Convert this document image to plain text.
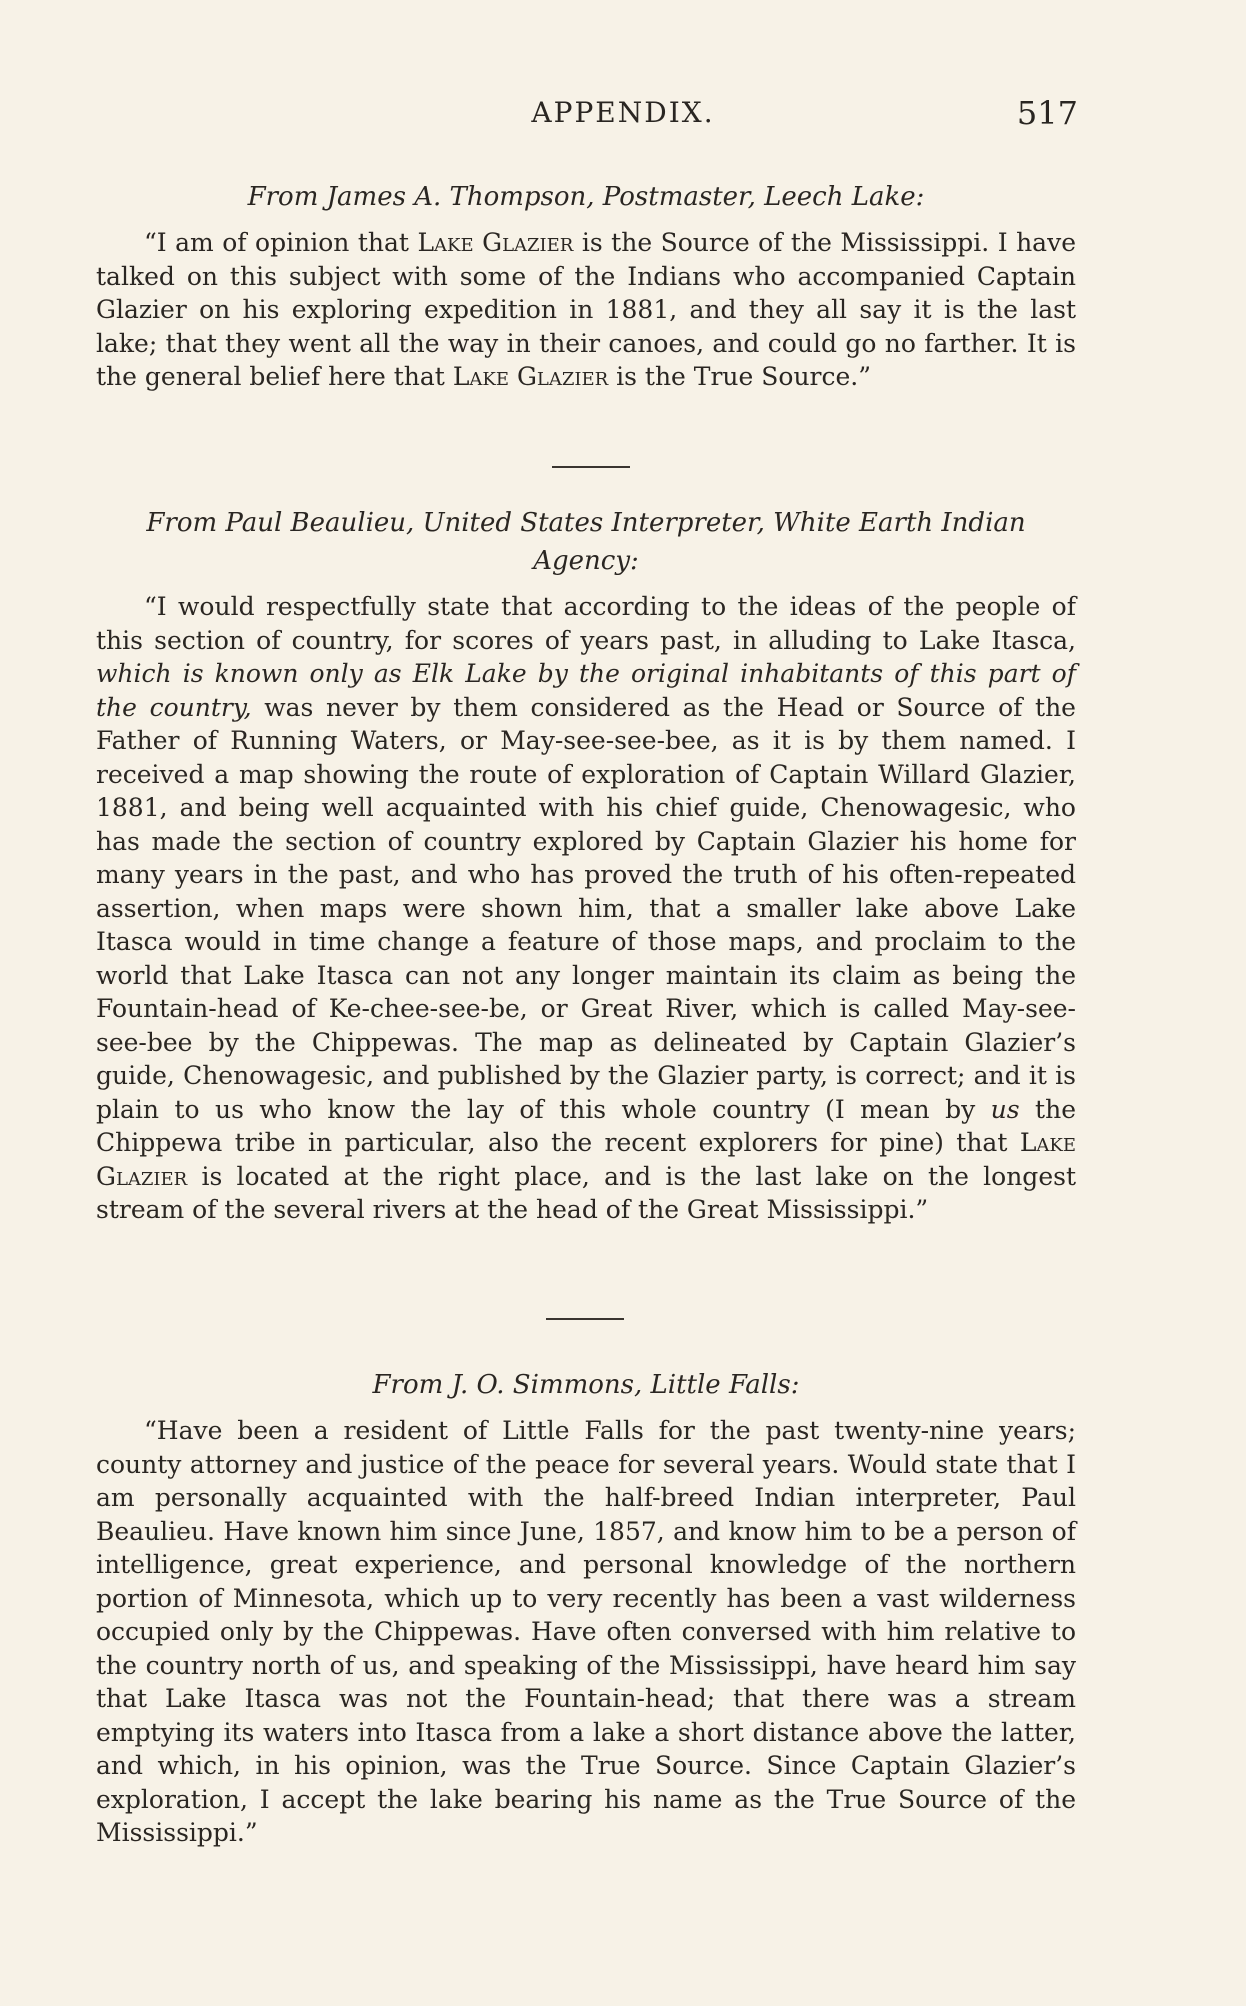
APPENDIX.	517

From James A. Thompson, Postmaster, Leech Lake:

“I am of opinion that Lake Glazier is the Source of the Mississippi. I have talked on this subject with some of the Indians who accompanied Captain Glazier on his exploring expedition in 1881, and they all say it is the last lake; that they went all the way in their canoes, and could go no farther. It is the general belief here that Lake Glazier is the True Source.”

From Paul Beaulieu, United States Interpreter, White Earth Indian Agency:

“I would respectfully state that according to the ideas of the people of this section of country, for scores of years past, in alluding to Lake Itasca, which is known only as Elk Lake by the original inhabitants of this part of the country, was never by them considered as the Head or Source of the Father of Running Waters, or May-see-see-bee, as it is by them named. I received a map showing the route of exploration of Captain Willard Glazier, 1881, and being well acquainted with his chief guide, Chenowagesic, who has made the section of country explored by Captain Glazier his home for many years in the past, and who has proved the truth of his often-repeated assertion, when maps were shown him, that a smaller lake above Lake Itasca would in time change a feature of those maps, and proclaim to the world that Lake Itasca can not any longer maintain its claim as being the Fountain-head of Ke-chee-see-be, or Great River, which is called May-see-see-bee by the Chippewas. The map as delineated by Captain Glazier’s guide, Chenowagesic, and published by the Glazier party, is correct; and it is plain to us who know the lay of this whole country (I mean by us the Chippewa tribe in particular, also the recent explorers for pine) that Lake Glazier is located at the right place, and is the last lake on the longest stream of the several rivers at the head of the Great Mississippi.”

From J. O. Simmons, Little Falls:

“Have been a resident of Little Falls for the past twenty-nine years; county attorney and justice of the peace for several years. Would state that I am personally acquainted with the half-breed Indian interpreter, Paul Beaulieu. Have known him since June, 1857, and know him to be a person of intelligence, great experience, and personal knowledge of the northern portion of Minnesota, which up to very recently has been a vast wilderness occupied only by the Chippewas. Have often conversed with him relative to the country north of us, and speaking of the Mississippi, have heard him say that Lake Itasca was not the Fountain-head; that there was a stream emptying its waters into Itasca from a lake a short distance above the latter, and which, in his opinion, was the True Source. Since Captain Glazier’s exploration, I accept the lake bearing his name as the True Source of the Mississippi.”
